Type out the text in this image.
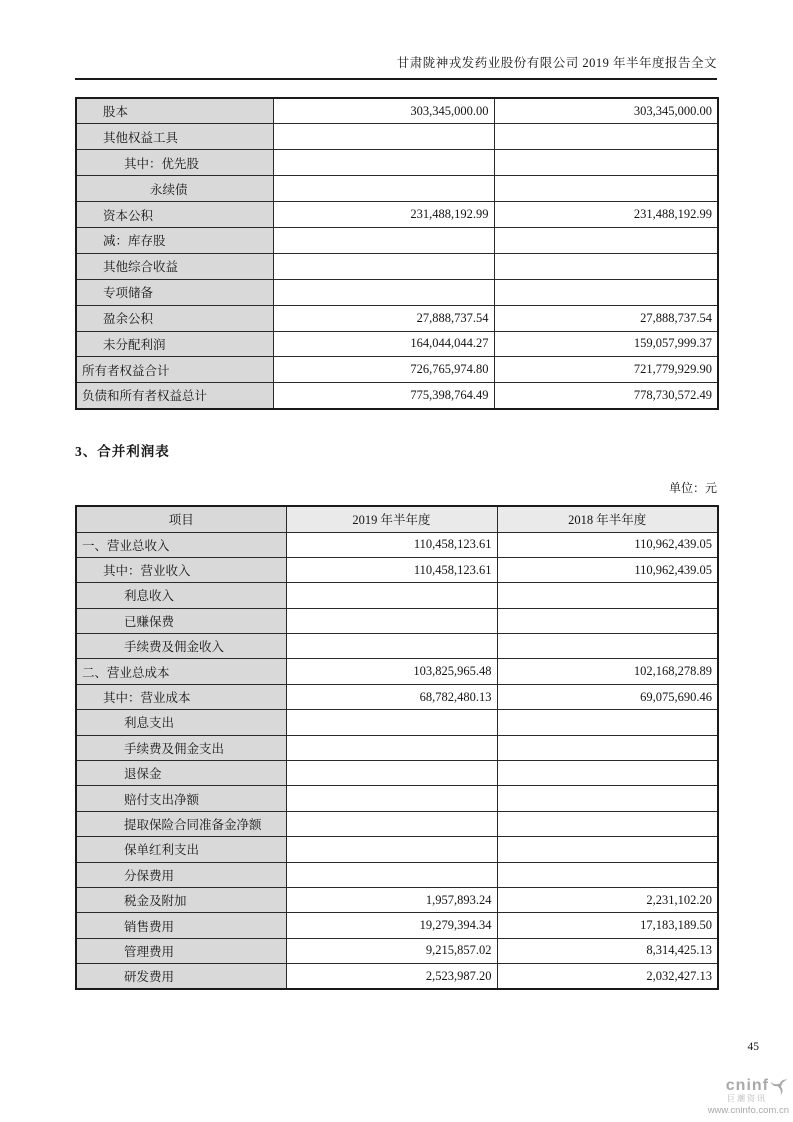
甘肃陇神戎发药业股份有限公司 2019 年半年度报告全文
股本	303,345,000.00	303,345,000.00
其他权益工具		
其中：优先股		
永续债		
资本公积	231,488,192.99	231,488,192.99
减：库存股		
其他综合收益		
专项储备		
盈余公积	27,888,737.54	27,888,737.54
未分配利润	164,044,044.27	159,057,999.37
所有者权益合计	726,765,974.80	721,779,929.90
负债和所有者权益总计	775,398,764.49	778,730,572.49
3、合并利润表
单位：元
项目	2019 年半年度	2018 年半年度
一、营业总收入	110,458,123.61	110,962,439.05
其中：营业收入	110,458,123.61	110,962,439.05
利息收入		
已赚保费		
手续费及佣金收入		
二、营业总成本	103,825,965.48	102,168,278.89
其中：营业成本	68,782,480.13	69,075,690.46
利息支出		
手续费及佣金支出		
退保金		
赔付支出净额		
提取保险合同准备金净额		
保单红利支出		
分保费用		
税金及附加	1,957,893.24	2,231,102.20
销售费用	19,279,394.34	17,183,189.50
管理费用	9,215,857.02	8,314,425.13
研发费用	2,523,987.20	2,032,427.13
45
cninf
巨潮资讯
www.cninfo.com.cn
